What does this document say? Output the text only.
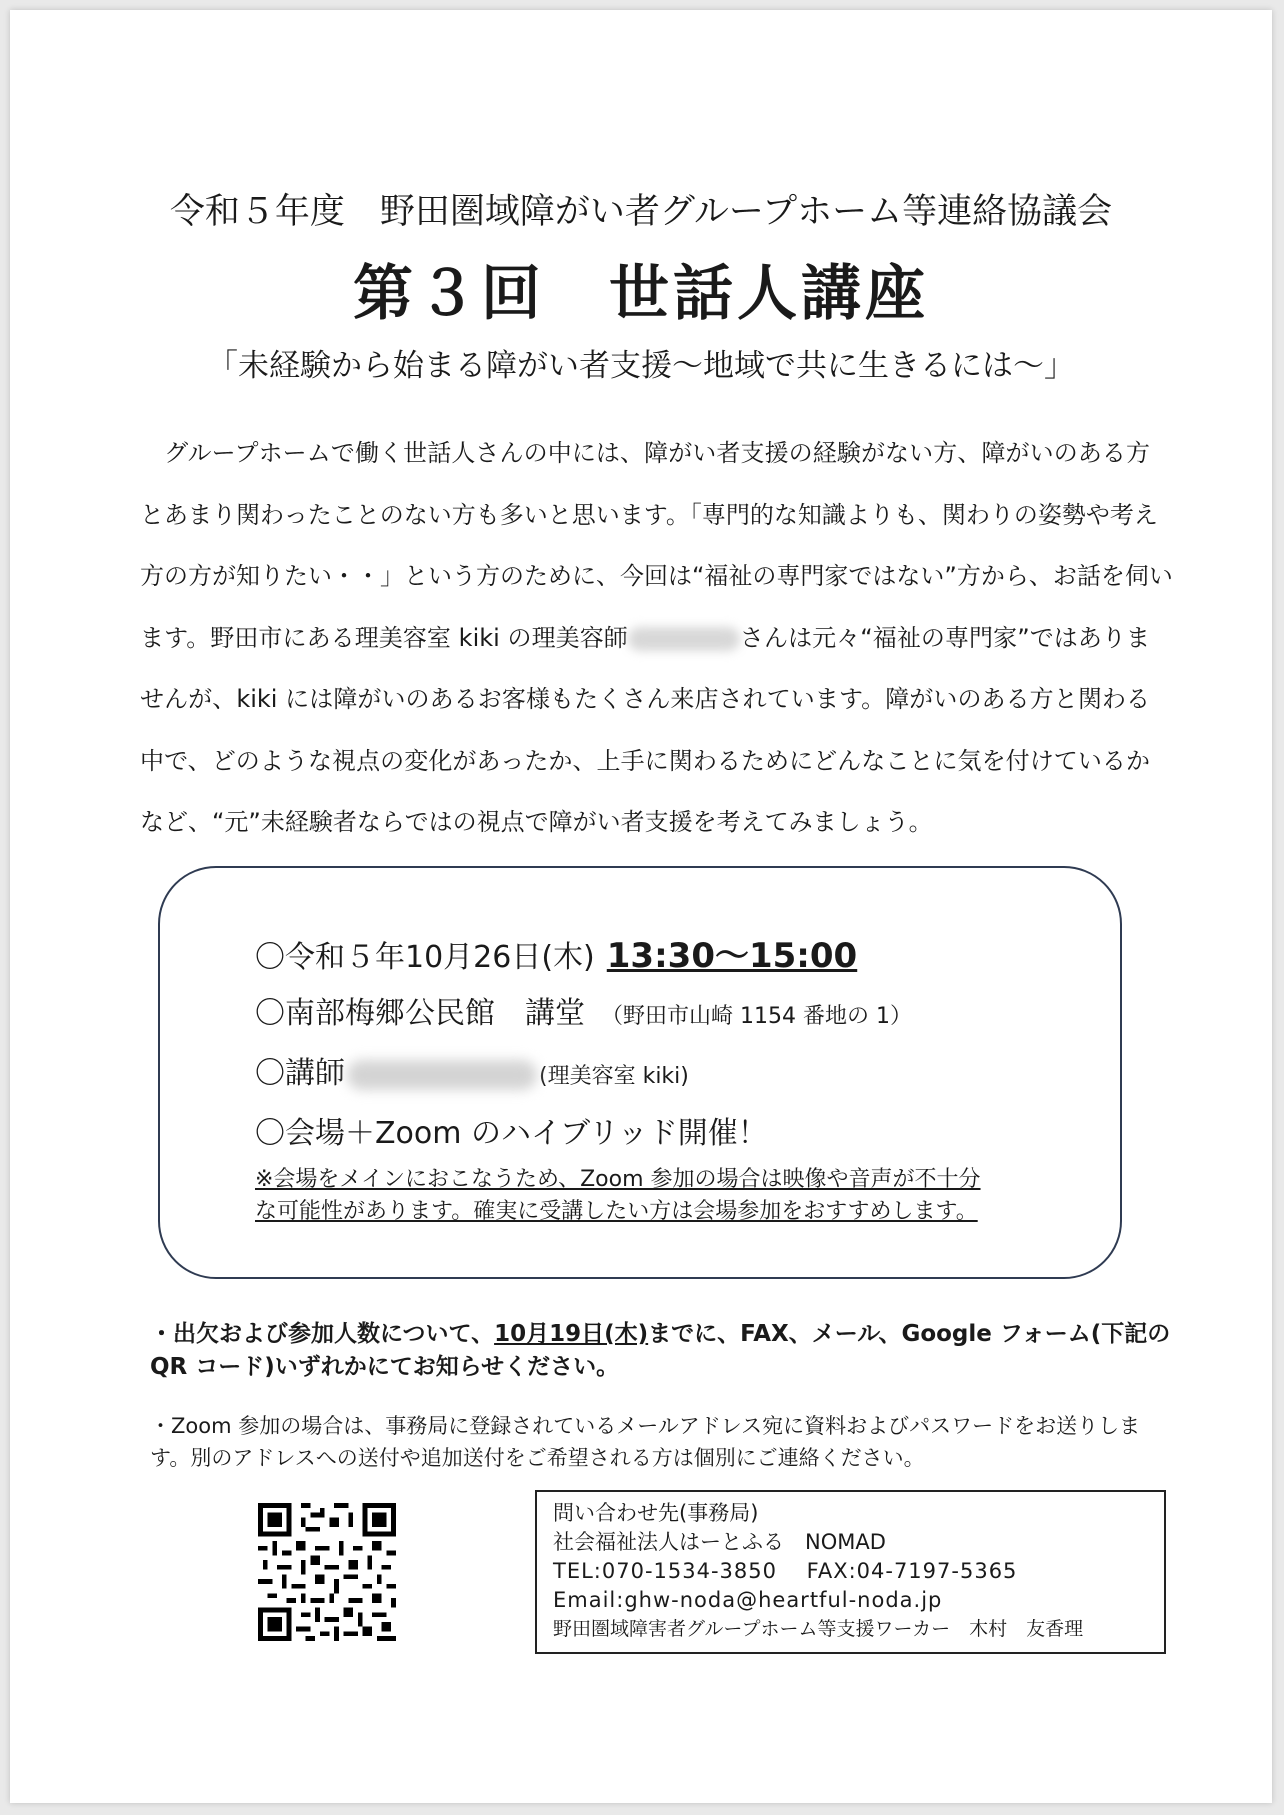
令和５年度　野田圏域障がい者グループホーム等連絡協議会
第３回　世話人講座
「未経験から始まる障がい者支援～地域で共に生きるには～」
　グループホームで働く世話人さんの中には、障がい者支援の経験がない方、障がいのある方
とあまり関わったことのない方も多いと思います。「専門的な知識よりも、関わりの姿勢や考え
方の方が知りたい・・」という方のために、今回は“福祉の専門家ではない”方から、お話を伺い
ます。野田市にある理美容室 kiki の理美容師	さんは元々“福祉の専門家”ではありま
せんが、kiki には障がいのあるお客様もたくさん来店されています。障がいのある方と関わる
中で、どのような視点の変化があったか、上手に関わるためにどんなことに気を付けているか
など、“元”未経験者ならではの視点で障がい者支援を考えてみましょう。
〇令和５年10月26日(木) 13:30～15:00
〇南部梅郷公民館　講堂 （野田市山崎 1154 番地の 1）
〇講師	(理美容室 kiki)
〇会場＋Zoom のハイブリッド開催！
※会場をメインにおこなうため、Zoom 参加の場合は映像や音声が不十分
な可能性があります。確実に受講したい方は会場参加をおすすめします。
・出欠および参加人数について、10月19日(木)までに、FAX、メール、Google フォーム(下記の
QR コード)いずれかにてお知らせください。
・Zoom 参加の場合は、事務局に登録されているメールアドレス宛に資料およびパスワードをお送りしま
す。別のアドレスへの送付や追加送付をご希望される方は個別にご連絡ください。
問い合わせ先(事務局)
社会福祉法人はーとふる　NOMAD
TEL:070-1534-3850　 FAX:04-7197-5365
Email:ghw-noda@heartful-noda.jp
野田圏域障害者グループホーム等支援ワーカー　木村　友香理
